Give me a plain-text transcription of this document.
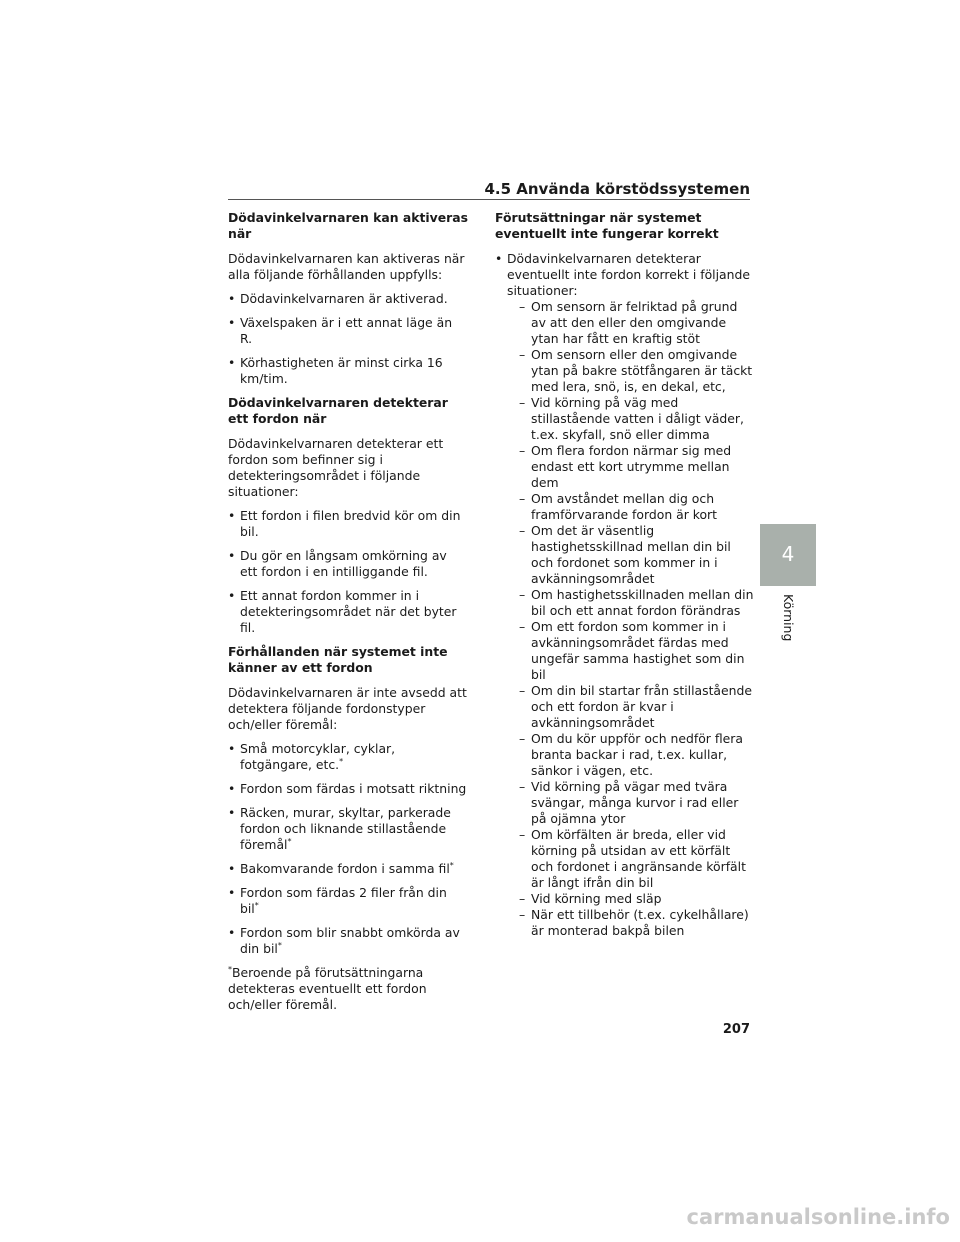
4.5 Använda körstödssystemen
Dödavinkelvarnaren kan aktiveras när
Dödavinkelvarnaren kan aktiveras när alla följande förhållanden uppfylls:
• Dödavinkelvarnaren är aktiverad.
• Växelspaken är i ett annat läge än R.
• Körhastigheten är minst cirka 16 km/tim.
Dödavinkelvarnaren detekterar ett fordon när
Dödavinkelvarnaren detekterar ett fordon som befinner sig i detekteringsområdet i följande situationer:
• Ett fordon i filen bredvid kör om din bil.
• Du gör en långsam omkörning av ett fordon i en intilliggande fil.
• Ett annat fordon kommer in i detekteringsområdet när det byter fil.
Förhållanden när systemet inte känner av ett fordon
Dödavinkelvarnaren är inte avsedd att detektera följande fordonstyper och/eller föremål:
• Små motorcyklar, cyklar, fotgängare, etc.*
• Fordon som färdas i motsatt riktning
• Räcken, murar, skyltar, parkerade fordon och liknande stillastående föremål*
• Bakomvarande fordon i samma fil*
• Fordon som färdas 2 filer från din bil*
• Fordon som blir snabbt omkörda av din bil*
*Beroende på förutsättningarna detekteras eventuellt ett fordon och/eller föremål.
Förutsättningar när systemet eventuellt inte fungerar korrekt
• Dödavinkelvarnaren detekterar eventuellt inte fordon korrekt i följande situationer:
– Om sensorn är felriktad på grund av att den eller den omgivande ytan har fått en kraftig stöt
– Om sensorn eller den omgivande ytan på bakre stötfångaren är täckt med lera, snö, is, en dekal, etc,
– Vid körning på väg med stillastående vatten i dåligt väder, t.ex. skyfall, snö eller dimma
– Om flera fordon närmar sig med endast ett kort utrymme mellan dem
– Om avståndet mellan dig och framförvarande fordon är kort
– Om det är väsentlig hastighetsskillnad mellan din bil och fordonet som kommer in i avkänningsområdet
– Om hastighetsskillnaden mellan din bil och ett annat fordon förändras
– Om ett fordon som kommer in i avkänningsområdet färdas med ungefär samma hastighet som din bil
– Om din bil startar från stillastående och ett fordon är kvar i avkänningsområdet
– Om du kör uppför och nedför flera branta backar i rad, t.ex. kullar, sänkor i vägen, etc.
– Vid körning på vägar med tvära svängar, många kurvor i rad eller på ojämna ytor
– Om körfälten är breda, eller vid körning på utsidan av ett körfält och fordonet i angränsande körfält är långt ifrån din bil
– Vid körning med släp
– När ett tillbehör (t.ex. cykelhållare) är monterad bakpå bilen
4
Körning
207
carmanualsonline.info
